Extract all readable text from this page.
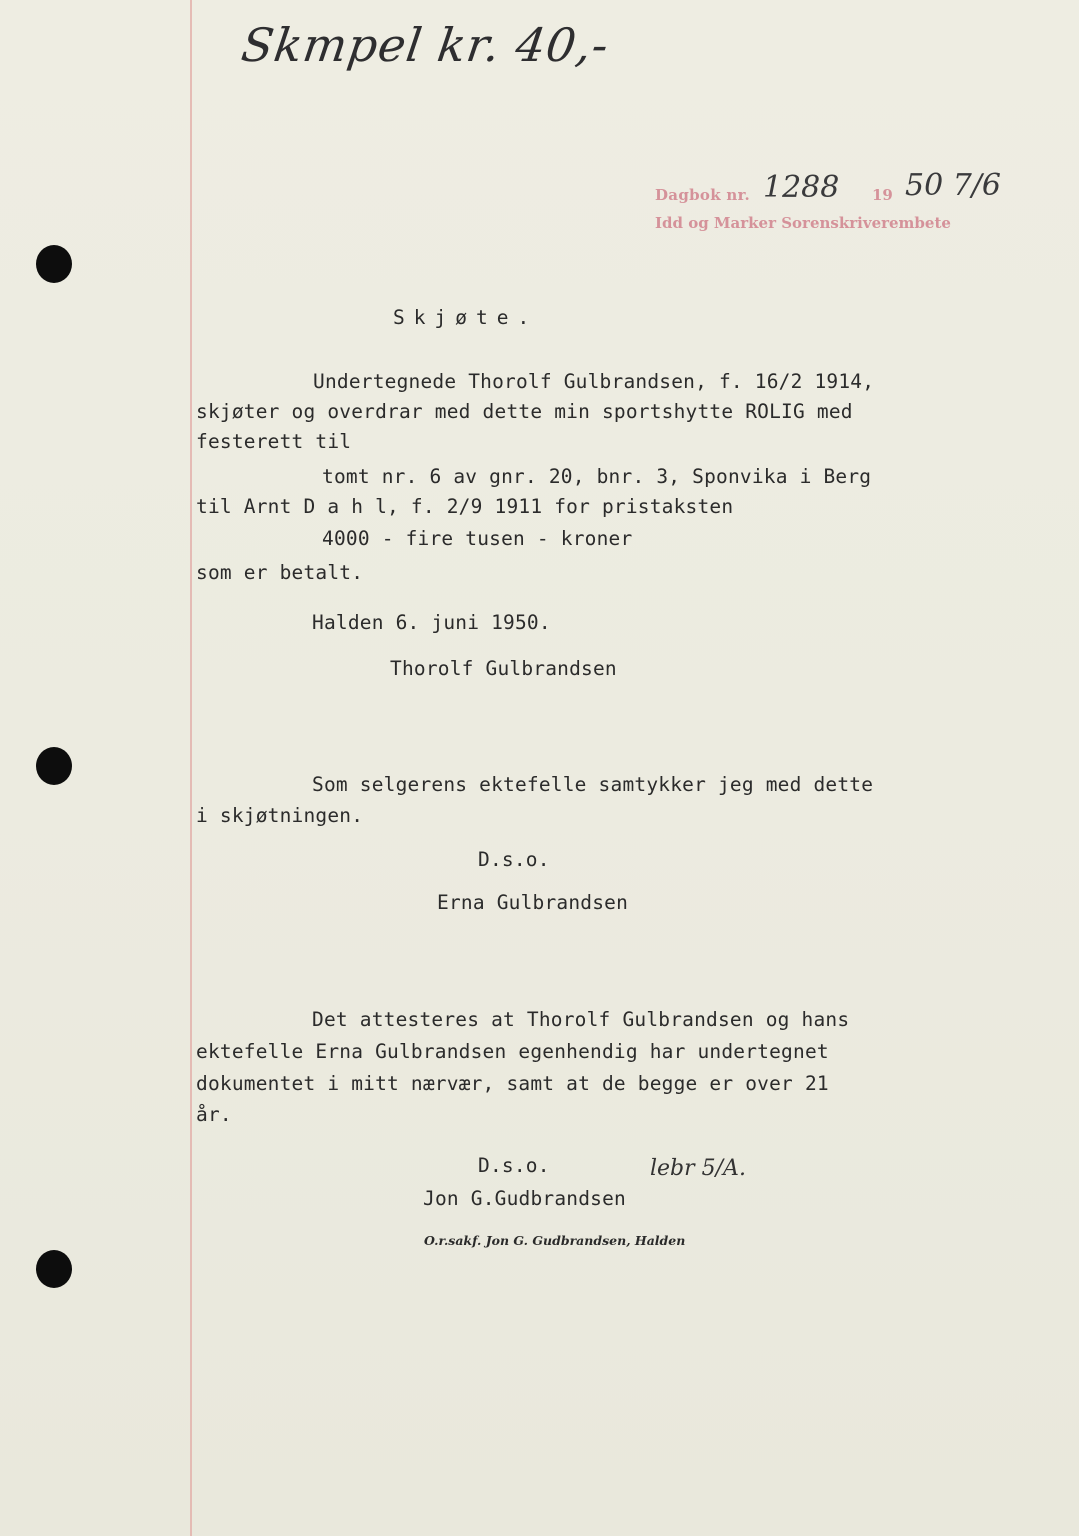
Skmpel kr. 40,-
Dagbok nr. 1288 19 50 7/6
Idd og Marker Sorenskriverembete
Skjøte.
Undertegnede Thorolf Gulbrandsen, f. 16/2 1914,
skjøter og overdrar med dette min sportshytte ROLIG med
festerett til
tomt nr. 6 av gnr. 20, bnr. 3, Sponvika i Berg
til Arnt D a h l, f. 2/9 1911 for pristaksten
4000 - fire tusen - kroner
som er betalt.
Halden 6. juni 1950.
Thorolf Gulbrandsen
Som selgerens ektefelle samtykker jeg med dette
i skjøtningen.
D.s.o.
Erna Gulbrandsen
Det attesteres at Thorolf Gulbrandsen og hans
ektefelle Erna Gulbrandsen egenhendig har undertegnet
dokumentet i mitt nærvær, samt at de begge er over 21
år.
D.s.o.
Jon G.Gudbrandsen
lebr 5/A.
O.r.sakf. Jon G. Gudbrandsen, Halden
